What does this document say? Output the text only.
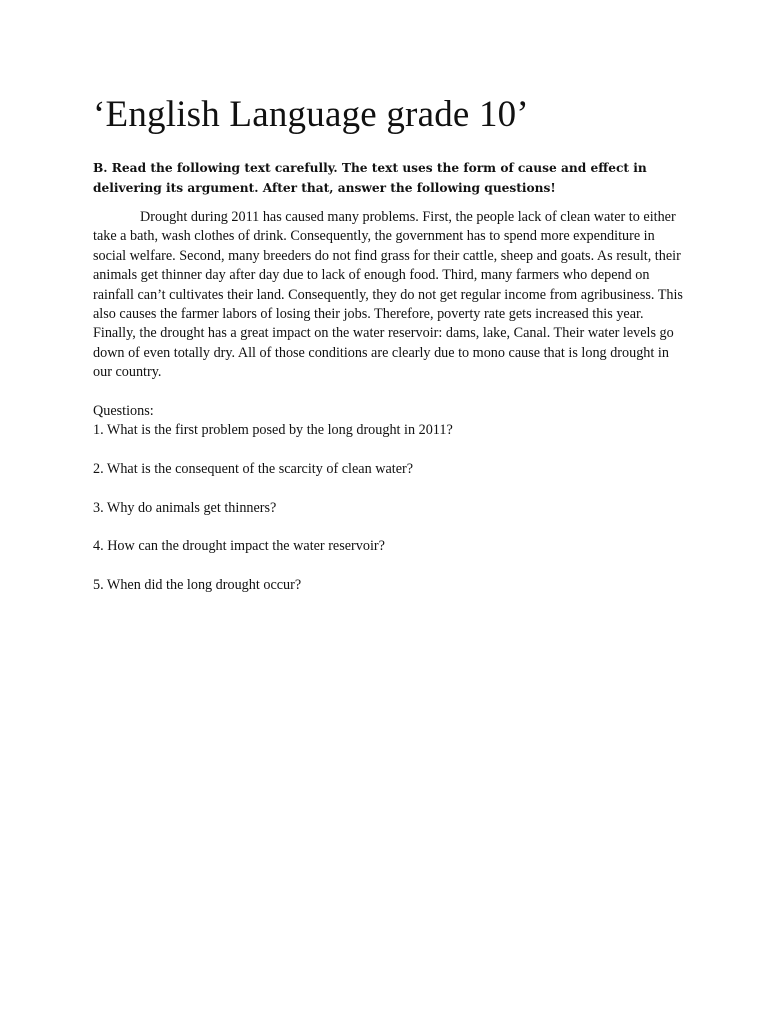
‘English Language grade 10’

B. Read the following text carefully. The text uses the form of cause and effect in delivering its argument. After that, answer the following questions!

Drought during 2011 has caused many problems. First, the people lack of clean water to either take a bath, wash clothes of drink. Consequently, the government has to spend more expenditure in social welfare. Second, many breeders do not find grass for their cattle, sheep and goats. As result, their animals get thinner day after day due to lack of enough food. Third, many farmers who depend on rainfall can’t cultivates their land. Consequently, they do not get regular income from agribusiness. This also causes the farmer labors of losing their jobs. Therefore, poverty rate gets increased this year. Finally, the drought has a great impact on the water reservoir: dams, lake, Canal. Their water levels go down of even totally dry. All of those conditions are clearly due to mono cause that is long drought in our country.

Questions:

1. What is the first problem posed by the long drought in 2011?

2. What is the consequent of the scarcity of clean water?

3. Why do animals get thinners?

4. How can the drought impact the water reservoir?

5. When did the long drought occur?
